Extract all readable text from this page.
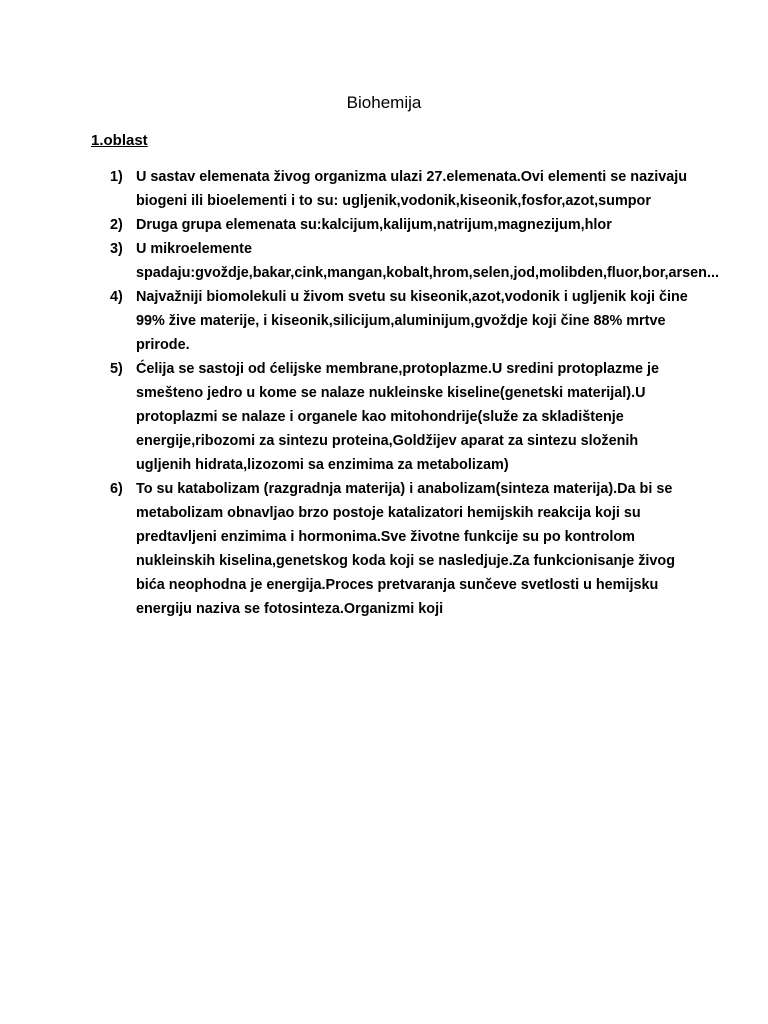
Biohemija
1.oblast
1) U sastav elemenata živog organizma ulazi 27.elemenata.Ovi elementi se nazivaju biogeni ili bioelementi i to su: ugljenik,vodonik,kiseonik,fosfor,azot,sumpor
2) Druga grupa elemenata su:kalcijum,kalijum,natrijum,magnezijum,hlor
3) U mikroelemente spadaju:gvoždje,bakar,cink,mangan,kobalt,hrom,selen,jod,molibden,fluor,bor,arsen...
4) Najvažniji biomolekuli u živom svetu su kiseonik,azot,vodonik i ugljenik koji čine 99% žive materije, i kiseonik,silicijum,aluminijum,gvoždje koji čine 88% mrtve prirode.
5) Ćelija se sastoji od ćelijske membrane,protoplazme.U sredini protoplazme je smešteno jedro u kome se nalaze nukleinske kiseline(genetski materijal).U protoplazmi se nalaze i organele kao mitohondrije(služe za skladištenje energije,ribozomi za sintezu proteina,Goldžijev aparat za sintezu složenih ugljenih hidrata,lizozomi sa enzimima za metabolizam)
6) To su katabolizam (razgradnja materija) i anabolizam(sinteza materija).Da bi se metabolizam obnavljao brzo postoje katalizatori hemijskih reakcija koji su predtavljeni enzimima i hormonima.Sve životne funkcije su po kontrolom nukleinskih kiselina,genetskog koda koji se nasledjuje.Za funkcionisanje živog bića neophodna je energija.Proces pretvaranja sunčeve svetlosti u hemijsku energiju naziva se fotosinteza.Organizmi koji
